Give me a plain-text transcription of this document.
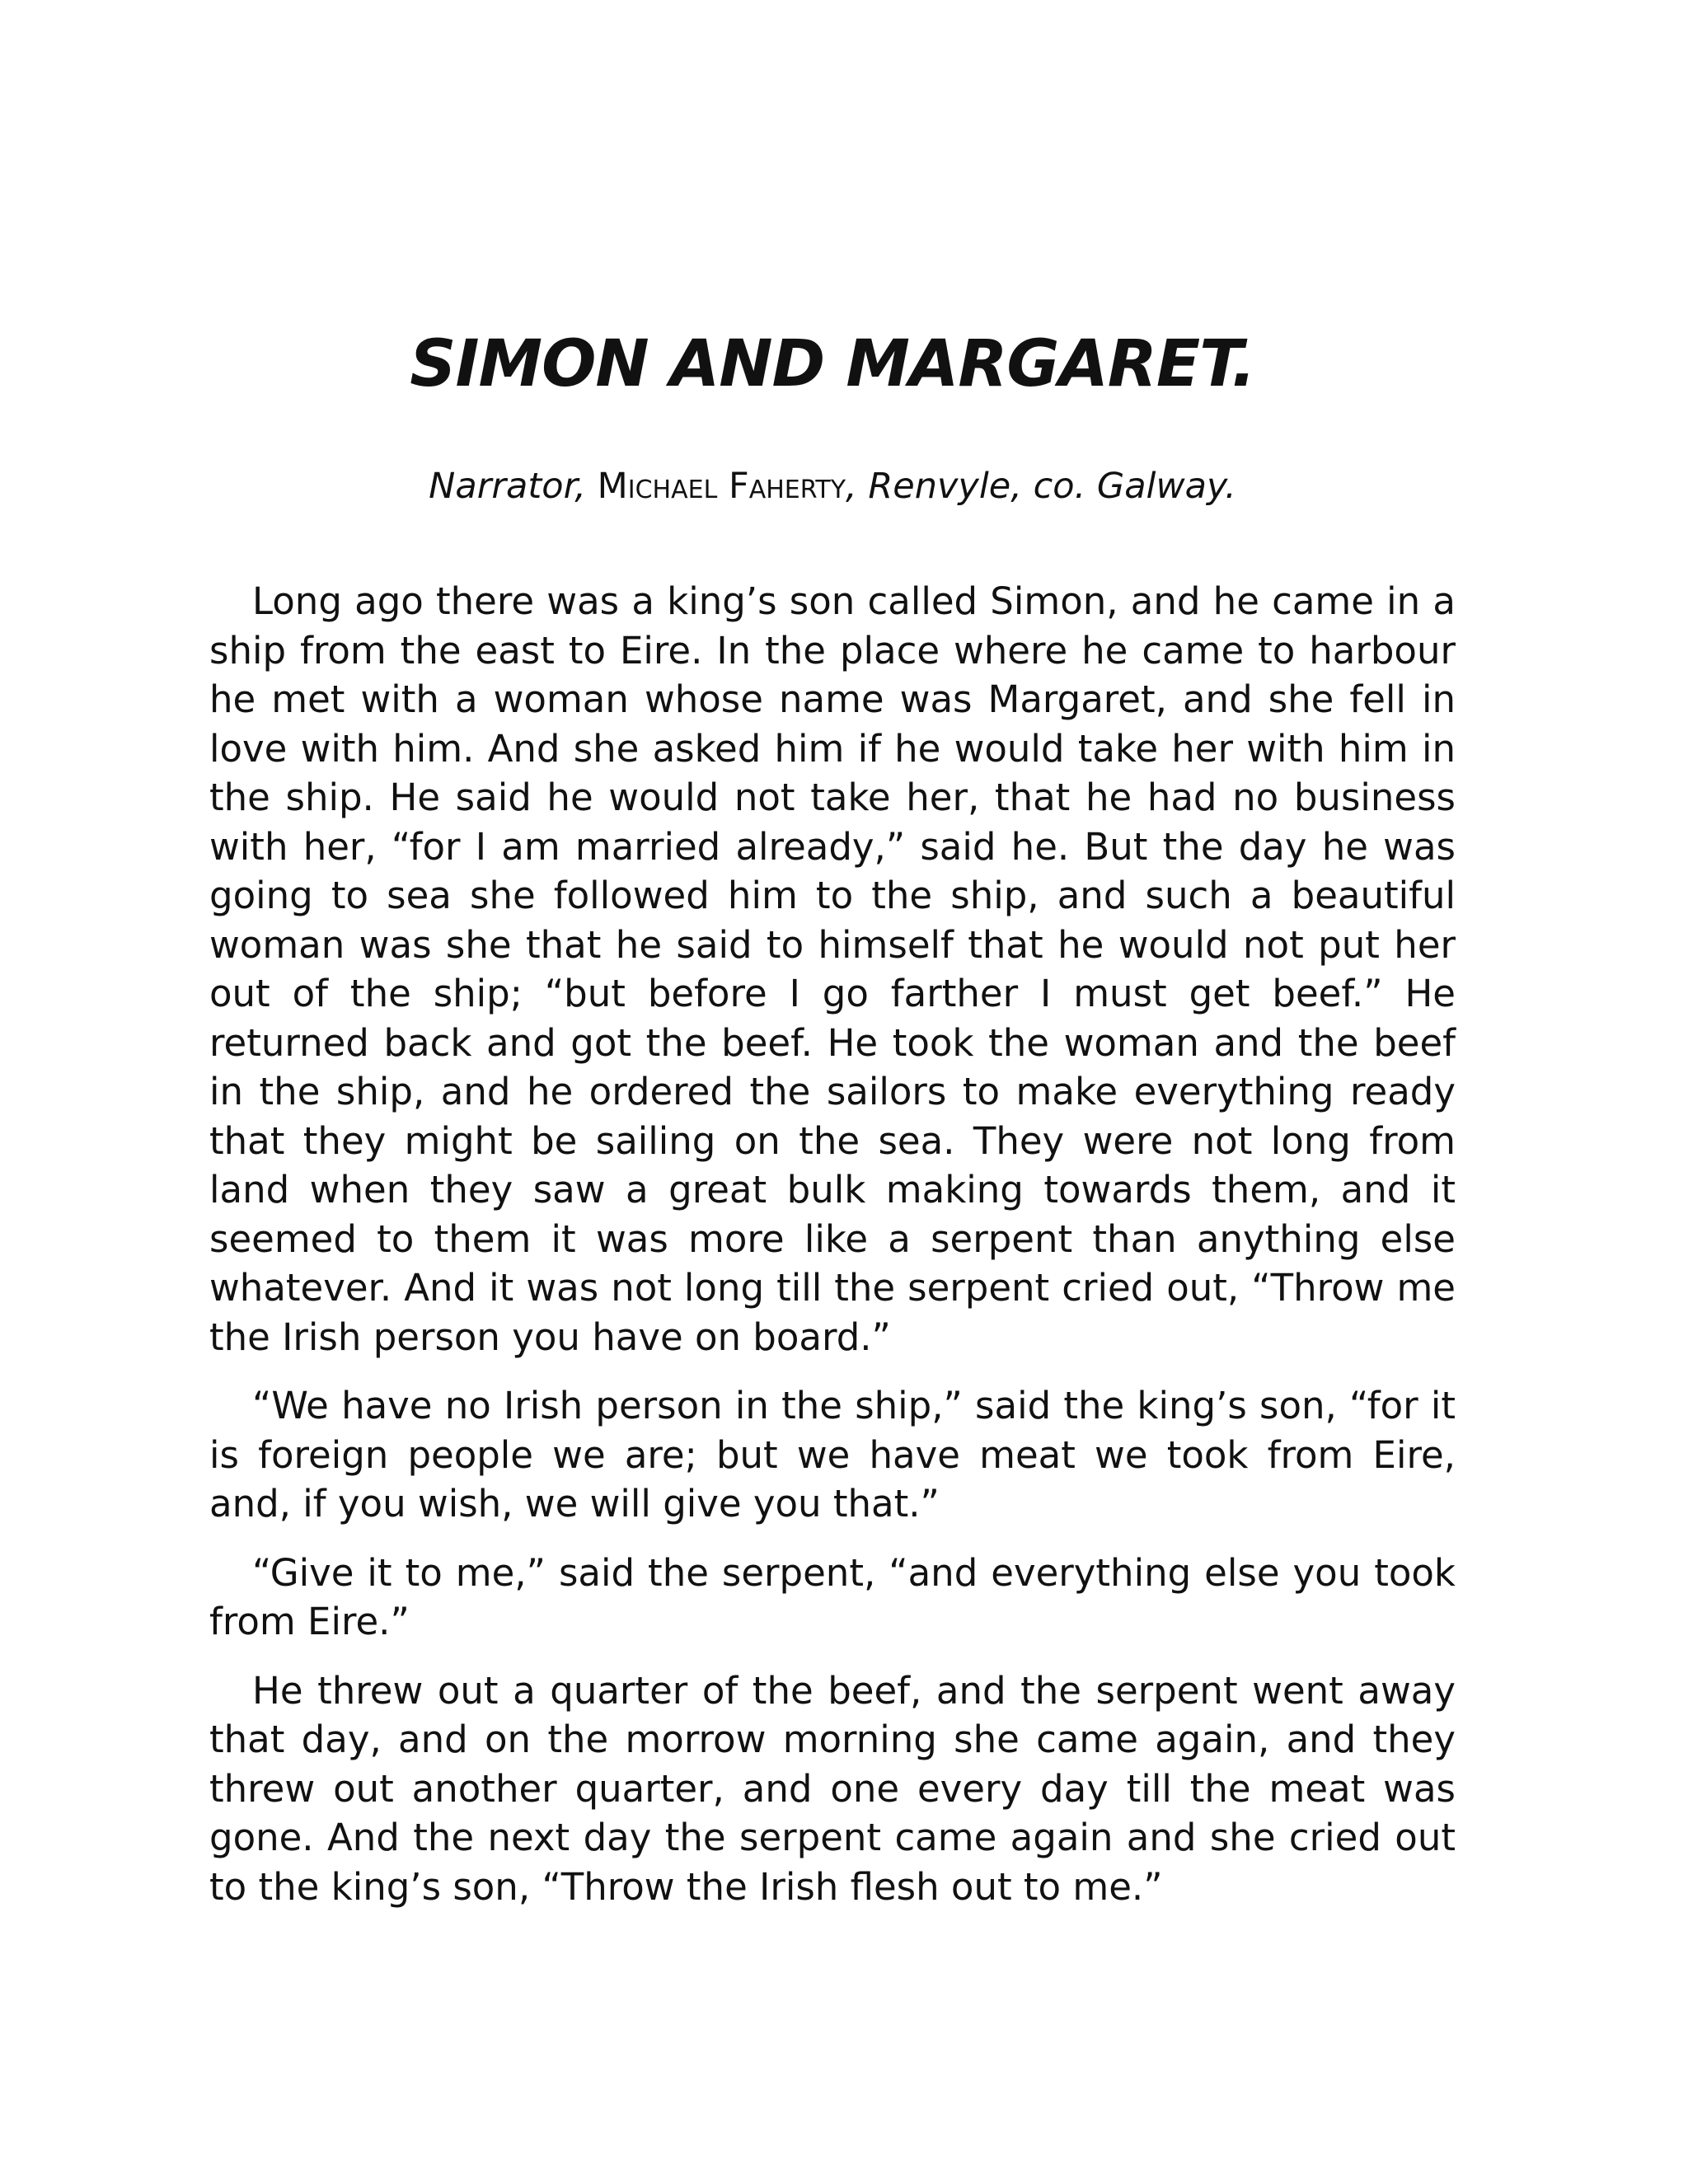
SIMON AND MARGARET.

Narrator, Michael Faherty, Renvyle, co. Galway.

Long ago there was a king’s son called Simon, and he came in a ship from the east to Eire. In the place where he came to harbour he met with a woman whose name was Margaret, and she fell in love with him. And she asked him if he would take her with him in the ship. He said he would not take her, that he had no business with her, “for I am married already,” said he. But the day he was going to sea she followed him to the ship, and such a beautiful woman was she that he said to himself that he would not put her out of the ship; “but before I go farther I must get beef.” He returned back and got the beef. He took the woman and the beef in the ship, and he ordered the sailors to make everything ready that they might be sailing on the sea. They were not long from land when they saw a great bulk making towards them, and it seemed to them it was more like a serpent than anything else whatever. And it was not long till the serpent cried out, “Throw me the Irish person you have on board.”

“We have no Irish person in the ship,” said the king’s son, “for it is foreign people we are; but we have meat we took from Eire, and, if you wish, we will give you that.”

“Give it to me,” said the serpent, “and everything else you took from Eire.”

He threw out a quarter of the beef, and the serpent went away that day, and on the morrow morning she came again, and they threw out another quarter, and one every day till the meat was gone. And the next day the serpent came again and she cried out to the king’s son, “Throw the Irish flesh out to me.”
